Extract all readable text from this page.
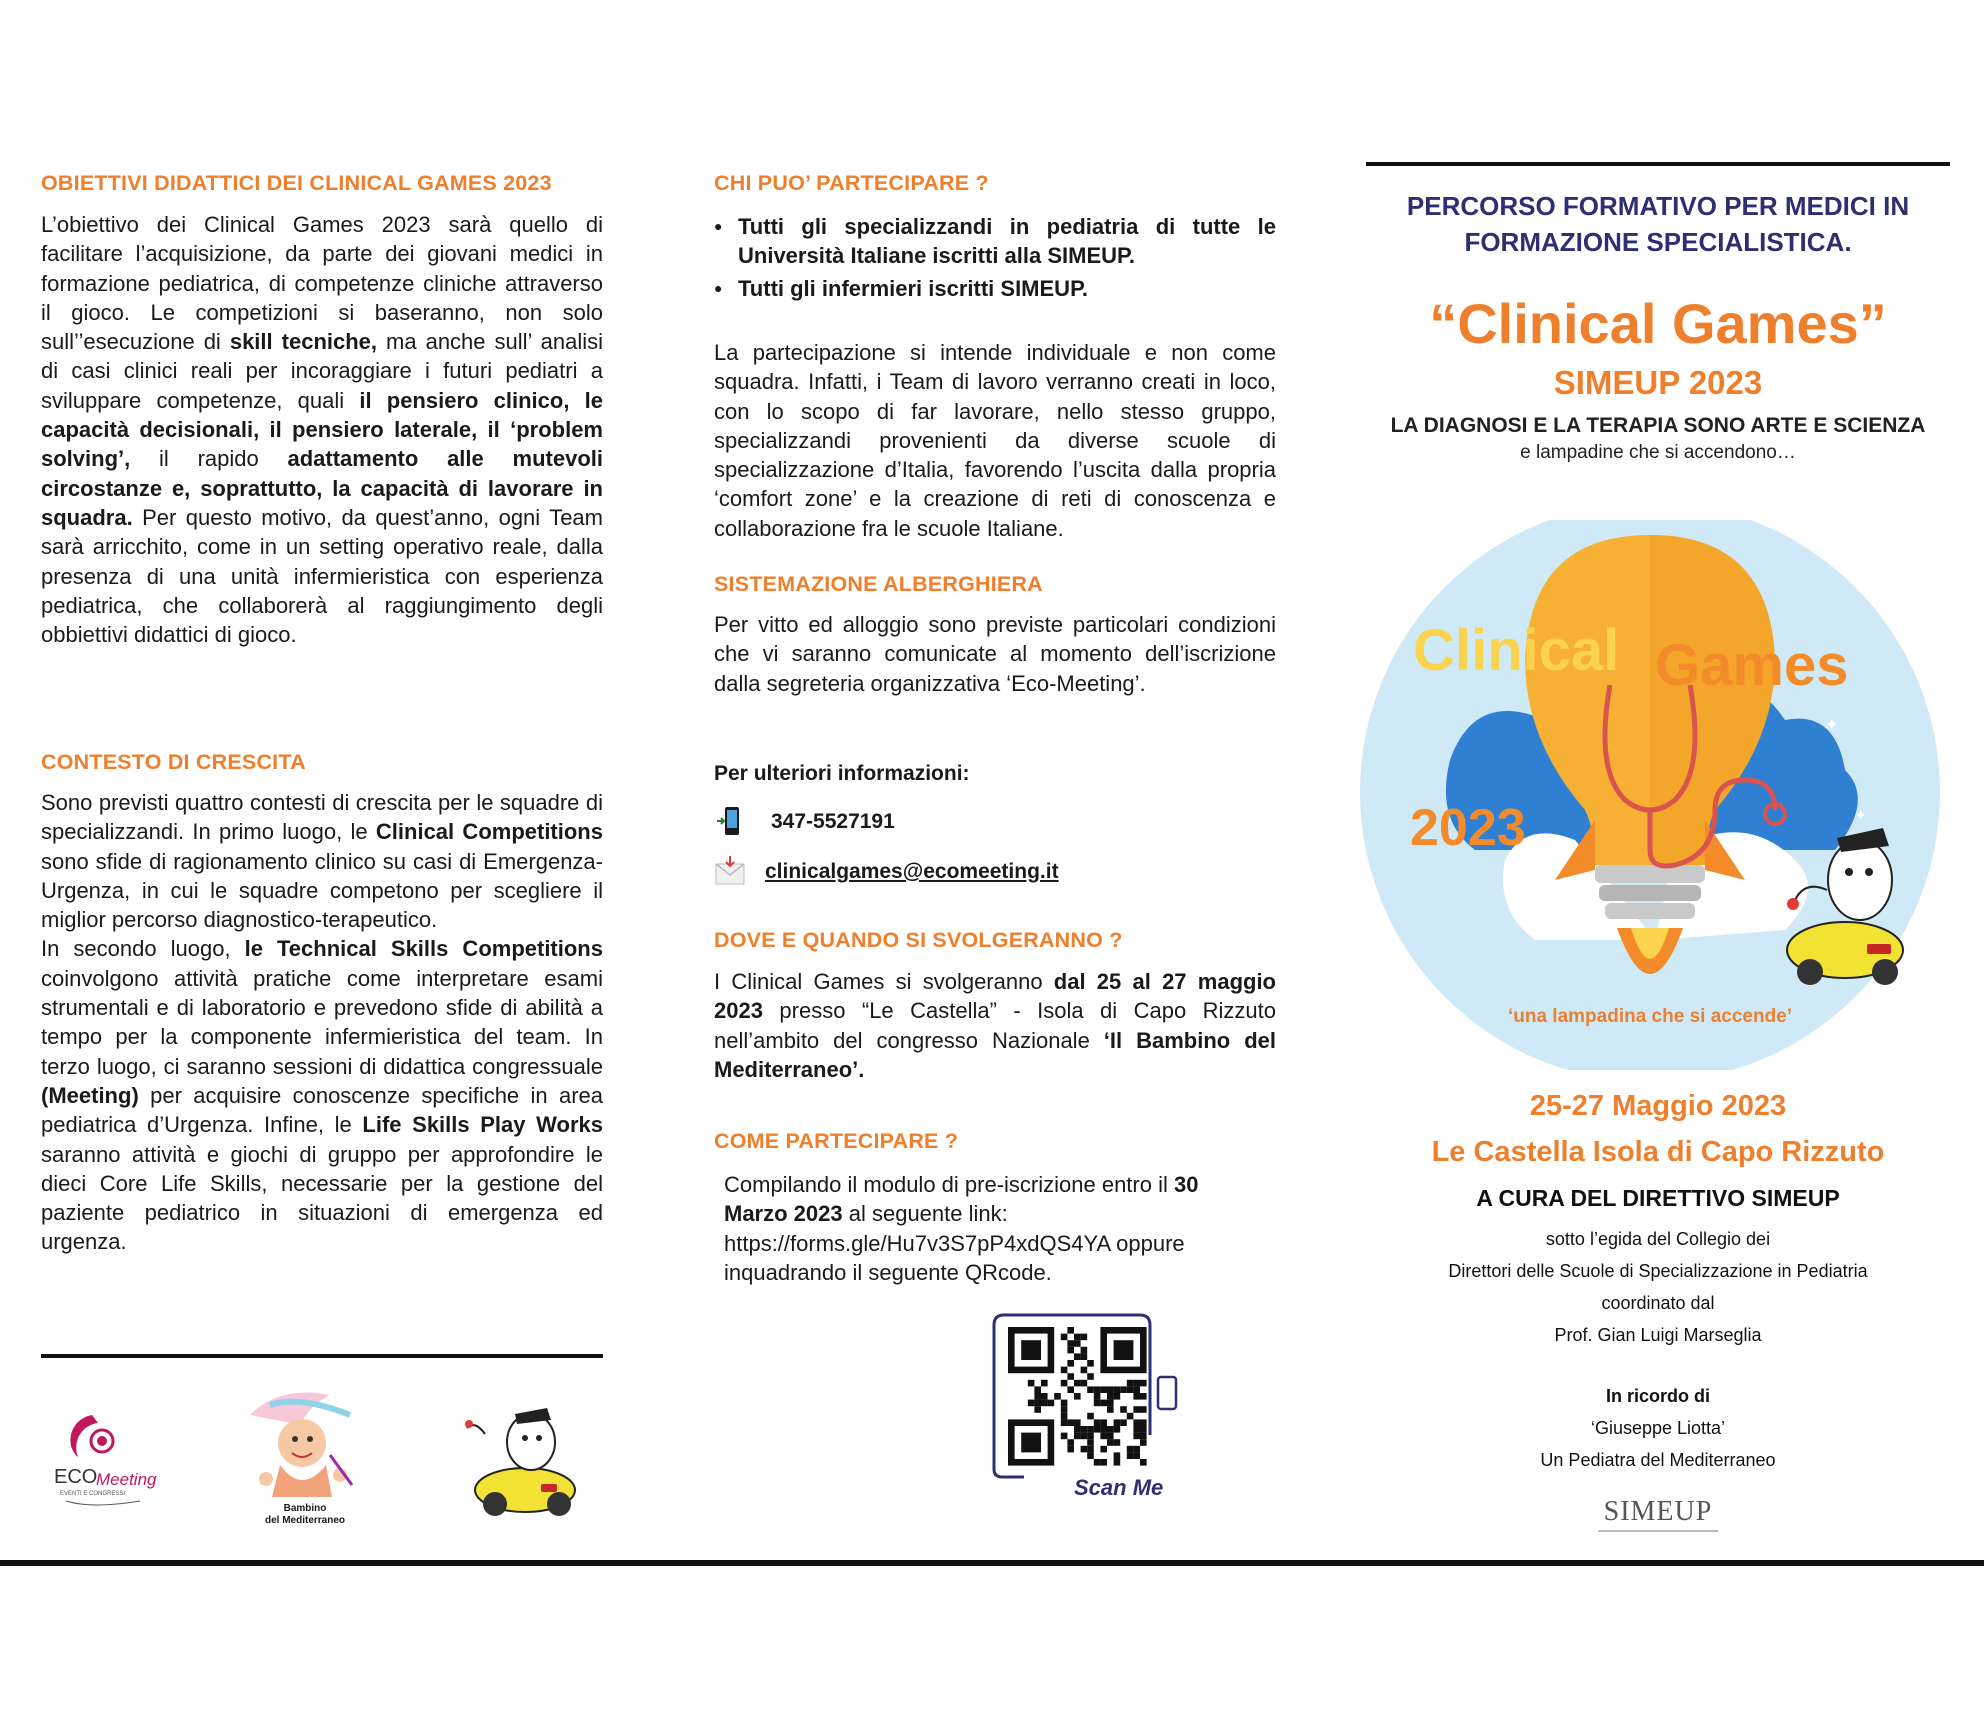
OBIETTIVI DIDATTICI DEI CLINICAL GAMES 2023
L’obiettivo dei Clinical Games 2023 sarà quello di facilitare l’acquisizione, da parte dei giovani medici in formazione pediatrica, di competenze cliniche attraverso il gioco. Le competizioni si baseranno, non solo sull’’esecuzione di skill tecniche, ma anche sull’ analisi di casi clinici reali per incoraggiare i futuri pediatri a sviluppare competenze, quali il pensiero clinico, le capacità decisionali, il pensiero laterale, il ‘problem solving’, il rapido adattamento alle mutevoli circostanze e, soprattutto, la capacità di lavorare in squadra. Per questo motivo, da quest’anno, ogni Team sarà arricchito, come in un setting operativo reale, dalla presenza di una unità infermieristica con esperienza pediatrica, che collaborerà al raggiungimento degli obbiettivi didattici di gioco.
CONTESTO DI CRESCITA
Sono previsti quattro contesti di crescita per le squadre di specializzandi. In primo luogo, le Clinical Competitions sono sfide di ragionamento clinico su casi di Emergenza-Urgenza, in cui le squadre competono per scegliere il miglior percorso diagnostico-terapeutico.
In secondo luogo, le Technical Skills Competitions coinvolgono attività pratiche come interpretare esami strumentali e di laboratorio e prevedono sfide di abilità a tempo per la componente infermieristica del team. In terzo luogo, ci saranno sessioni di didattica congressuale (Meeting) per acquisire conoscenze specifiche in area pediatrica d’Urgenza. Infine, le Life Skills Play Works saranno attività e giochi di gruppo per approfondire le dieci Core Life Skills, necessarie per la gestione del paziente pediatrico in situazioni di emergenza ed urgenza.
ECO
Meeting
EVENTI E CONGRESSI
Bambino
del Mediterraneo
CHI PUO’ PARTECIPARE ?
● Tutti gli specializzandi in pediatria di tutte le Università Italiane iscritti alla SIMEUP.
● Tutti gli infermieri iscritti SIMEUP.
La partecipazione si intende individuale e non come squadra. Infatti, i Team di lavoro verranno creati in loco, con lo scopo di far lavorare, nello stesso gruppo, specializzandi provenienti da diverse scuole di specializzazione d’Italia, favorendo l’uscita dalla propria ‘comfort zone’ e la creazione di reti di conoscenza e collaborazione fra le scuole Italiane.
SISTEMAZIONE ALBERGHIERA
Per vitto ed alloggio sono previste particolari condizioni che vi saranno comunicate al momento dell’iscrizione dalla segreteria organizzativa ‘Eco-Meeting’.
Per ulteriori informazioni:
347-5527191
clinicalgames@ecomeeting.it
DOVE E QUANDO SI SVOLGERANNO ?
I Clinical Games si svolgeranno dal 25 al 27 maggio 2023 presso “Le Castella” - Isola di Capo Rizzuto nell’ambito del congresso Nazionale ‘Il Bambino del Mediterraneo’.
COME PARTECIPARE ?
Compilando il modulo di pre-iscrizione entro il 30 Marzo 2023 al seguente link: https://forms.gle/Hu7v3S7pP4xdQS4YA oppure inquadrando il seguente QRcode.
Scan Me
PERCORSO FORMATIVO PER MEDICI IN
FORMAZIONE SPECIALISTICA.
“Clinical Games”
SIMEUP 2023
LA DIAGNOSI E LA TERAPIA SONO ARTE E SCIENZA
e lampadine che si accendono…
✦
✦
Clinical Games
2023
‘una lampadina che si accende’
25-27 Maggio 2023
Le Castella Isola di Capo Rizzuto
A CURA DEL DIRETTIVO SIMEUP
sotto l’egida del Collegio dei
Direttori delle Scuole di Specializzazione in Pediatria
coordinato dal
Prof. Gian Luigi Marseglia
In ricordo di
‘Giuseppe Liotta’
Un Pediatra del Mediterraneo
SIMEUP
